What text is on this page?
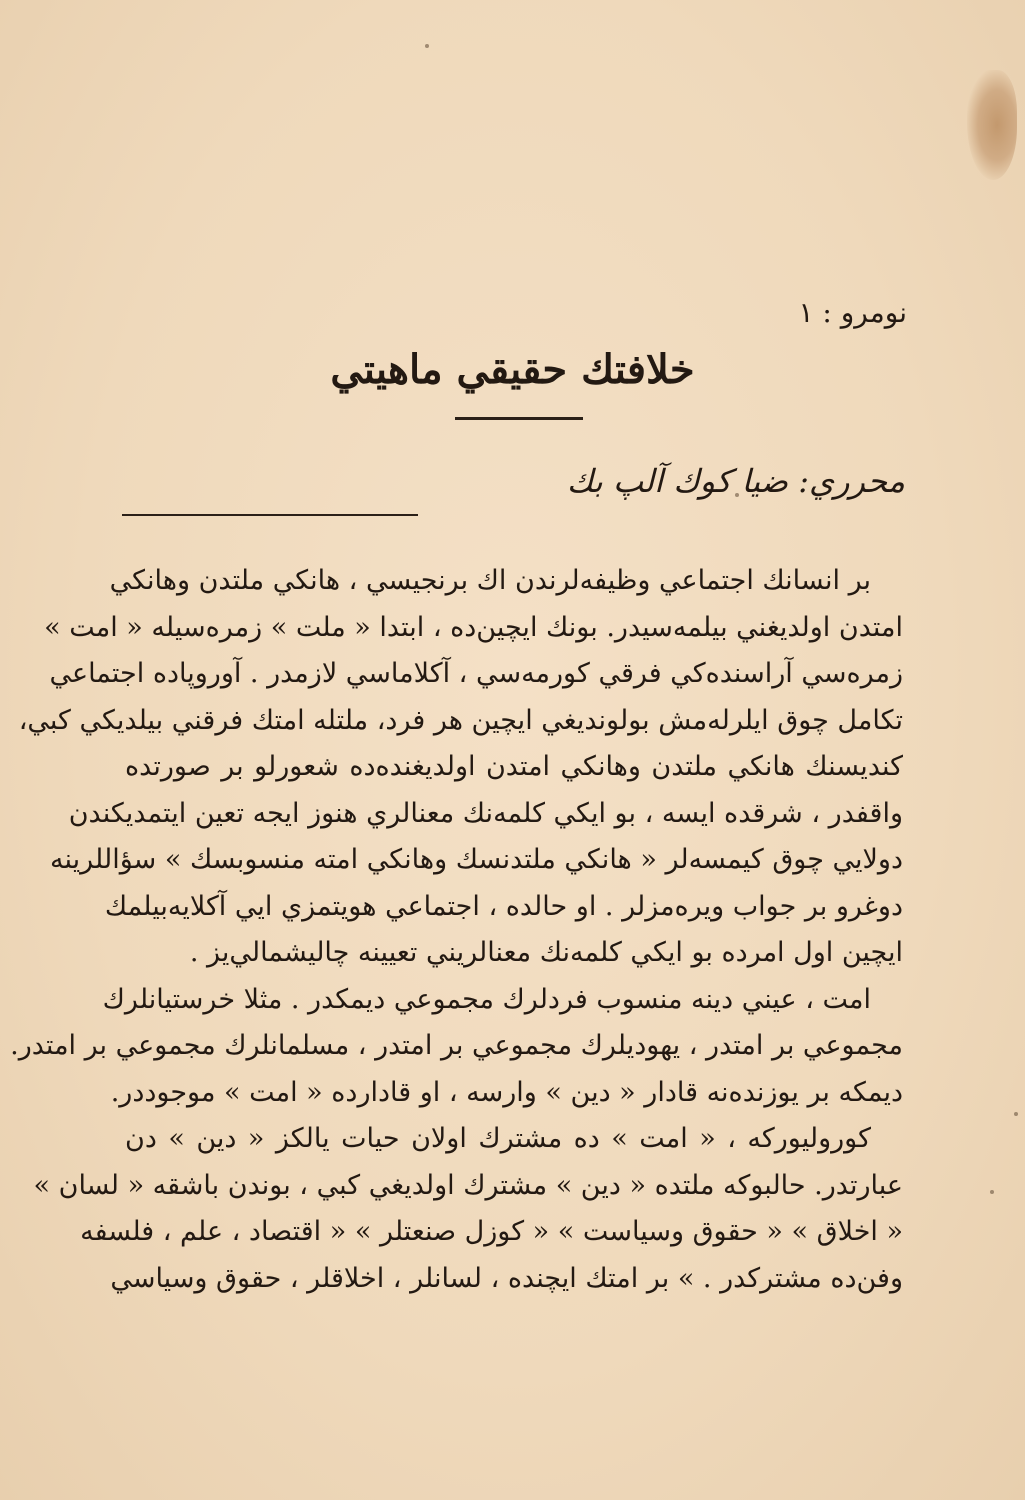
نومرو : ١
خلافتك حقيقي ماهيتي
محرري: ضيا كوك آلپ بك
بر انسانك اجتماعي وظيفه‌لرندن اك برنجيسي ، هانكي ملتدن وهانكي
امتدن اولديغني بيلمه‌سيدر. بونك ايچين‌ده ، ابتدا « ملت » زمره‌سيله « امت »
زمره‌سي آراسنده‌كي فرقي كورمه‌سي ، آكلاماسي لازمدر . آوروپاده اجتماعي
تكامل چوق ايلرله‌مش بولونديغي ايچين هر فرد، ملتله امتك فرقني بيلديكي كبي،
كنديسنك هانكي ملتدن وهانكي امتدن اولديغنده‌ده شعورلو بر صورتده
واقفدر ، شرقده ايسه ، بو ايكي كلمه‌نك معنالري هنوز ايجه تعين ايتمديكندن
دولايي چوق كيمسه‌لر « هانكي ملتدنسك وهانكي امته منسوبسك » سؤاللرينه
دوغرو بر جواب ويره‌مزلر . او حالده ، اجتماعي هويتمزي ايي آكلايه‌بيلمك
ايچين اول امرده بو ايكي كلمه‌نك معنالريني تعيينه چاليشمالي‌يز .
امت ، عيني دينه منسوب فردلرك مجموعي ديمكدر . مثلا خرستيانلرك
مجموعي بر امتدر ، يهوديلرك مجموعي بر امتدر ، مسلمانلرك مجموعي بر امتدر.
ديمكه بر يوزنده‌نه قادار « دين » وارسه ، او قادارده « امت » موجوددر.
كوروليوركه ، « امت » ده مشترك اولان حيات يالكز « دين » دن
عبارتدر. حالبوكه ملتده « دين » مشترك اولديغي كبي ، بوندن باشقه « لسان »
« اخلاق » « حقوق وسياست » « كوزل صنعتلر » « اقتصاد ، علم ، فلسفه
وفن‌ده مشتركدر . » بر امتك ايچنده ، لسانلر ، اخلاقلر ، حقوق وسياسي
